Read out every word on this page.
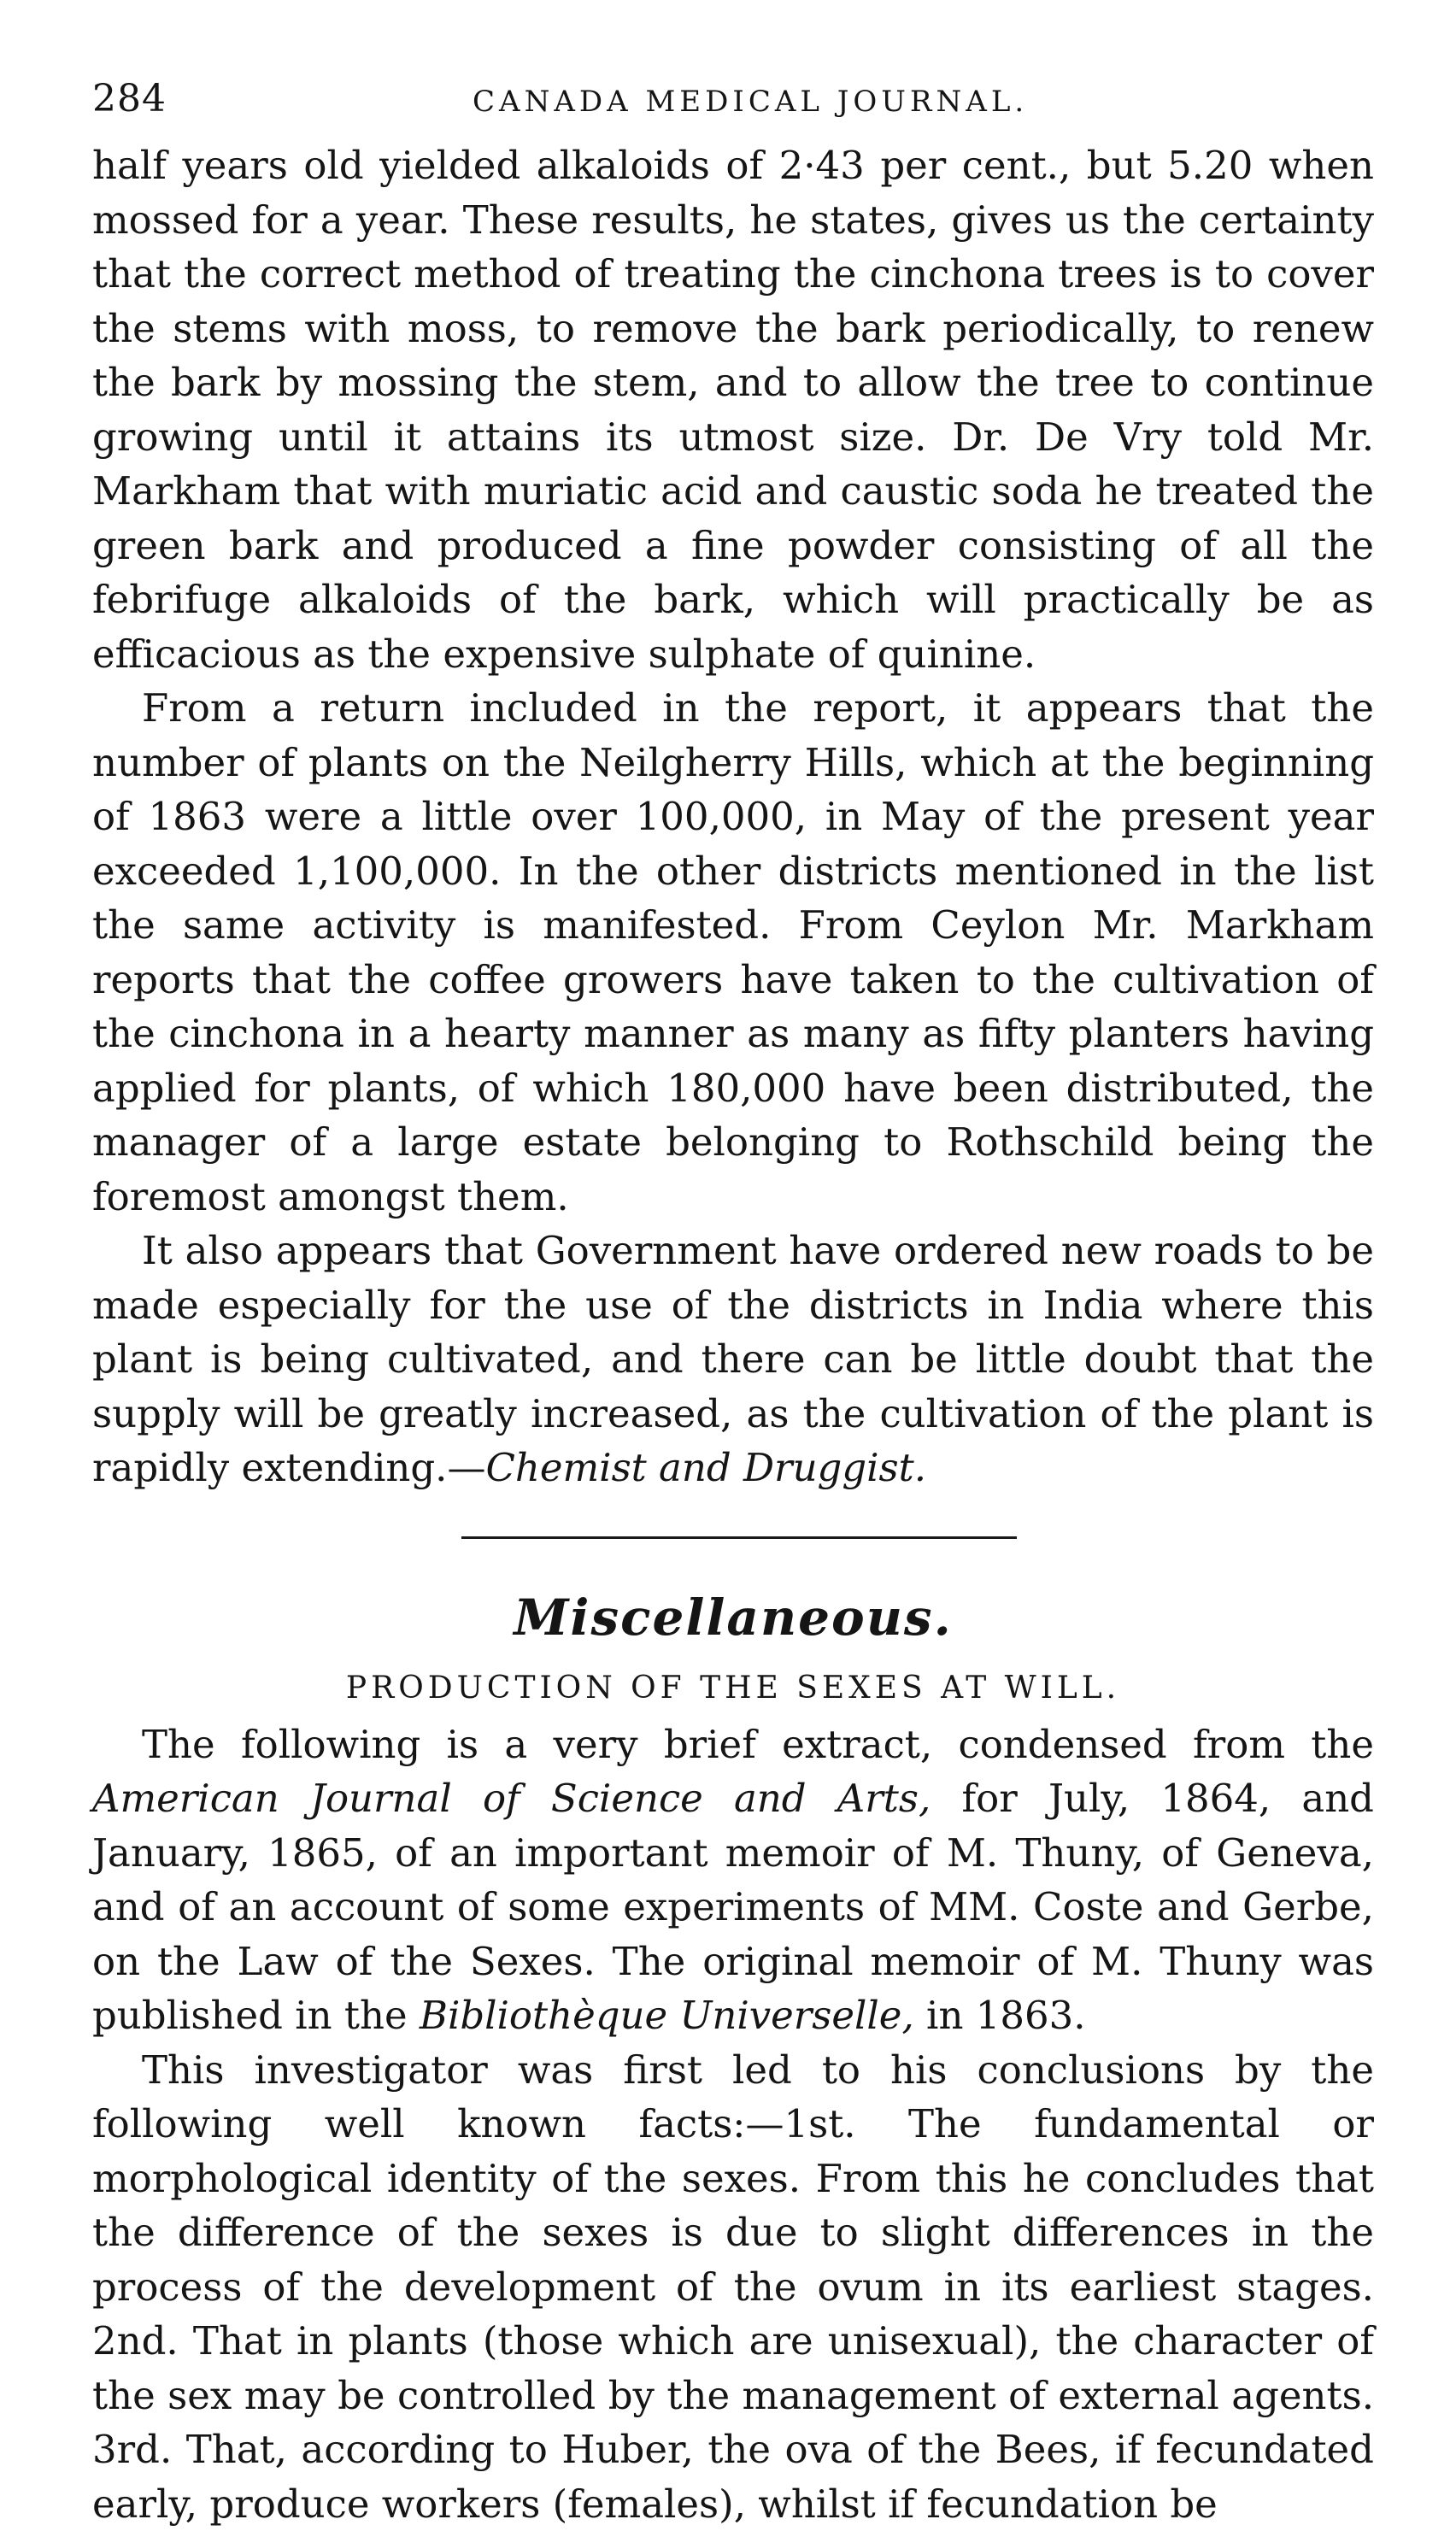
284	CANADA MEDICAL JOURNAL.

half years old yielded alkaloids of 2·43 per cent., but 5.20 when mossed for a year. These results, he states, gives us the certainty that the correct method of treating the cinchona trees is to cover the stems with moss, to remove the bark periodically, to renew the bark by mossing the stem, and to allow the tree to continue growing until it attains its utmost size. Dr. De Vry told Mr. Markham that with muriatic acid and caustic soda he treated the green bark and produced a fine powder consisting of all the febrifuge alkaloids of the bark, which will practically be as efficacious as the expensive sulphate of quinine.

From a return included in the report, it appears that the number of plants on the Neilgherry Hills, which at the beginning of 1863 were a little over 100,000, in May of the present year exceeded 1,100,000. In the other districts mentioned in the list the same activity is manifested. From Ceylon Mr. Markham reports that the coffee growers have taken to the cultivation of the cinchona in a hearty manner as many as fifty planters having applied for plants, of which 180,000 have been distributed, the manager of a large estate belonging to Rothschild being the foremost amongst them.

It also appears that Government have ordered new roads to be made especially for the use of the districts in India where this plant is being cultivated, and there can be little doubt that the supply will be greatly increased, as the cultivation of the plant is rapidly extending.—Chemist and Druggist.

Miscellaneous.
PRODUCTION OF THE SEXES AT WILL.

The following is a very brief extract, condensed from the American Journal of Science and Arts, for July, 1864, and January, 1865, of an important memoir of M. Thuny, of Geneva, and of an account of some experiments of MM. Coste and Gerbe, on the Law of the Sexes. The original memoir of M. Thuny was published in the Bibliothèque Universelle, in 1863.

This investigator was first led to his conclusions by the following well known facts:—1st. The fundamental or morphological identity of the sexes. From this he concludes that the difference of the sexes is due to slight differences in the process of the development of the ovum in its earliest stages. 2nd. That in plants (those which are unisexual), the character of the sex may be controlled by the management of external agents. 3rd. That, according to Huber, the ova of the Bees, if fecundated early, produce workers (females), whilst if fecundation be
